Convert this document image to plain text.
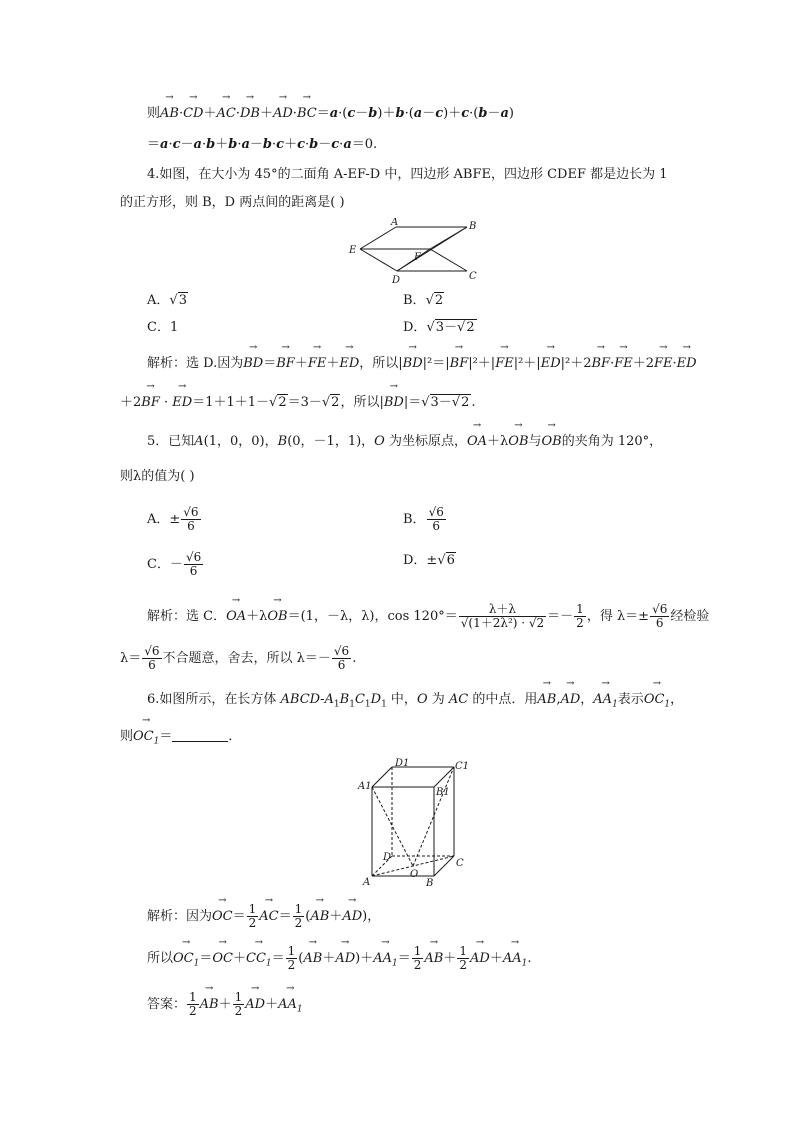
则→ AB·→ CD＋→ AC·→ DB＋→ AD·→ BC＝a·(c－b)＋b·(a－c)＋c·(b－a)
＝a·c－a·b＋b·a－b·c＋c·b－c·a＝0.
4.如图，在大小为 45°的二面角 A-EF-D 中，四边形 ABFE，四边形 CDEF 都是边长为 1
的正方形，则 B，D 两点间的距离是( )
A	B
E
F
D	C
A．√3	B．√2
C．1	D．√3－√2
解析：选 D.因为→ BD＝→ BF＋→ FE＋→ ED，所以|→ BD|²＝|→ BF|²＋|→ FE|²＋|→ ED|²＋2→ BF·→ FE＋2→ FE·→ ED
＋2→ BF · → ED＝1＋1＋1－√2＝3－√2，所以|→ BD|＝√3－√2 .
5．已知A(1，0，0)，B(0，－1，1)，O 为坐标原点，→ OA＋λ→ OB与→ OB的夹角为 120°，
则λ的值为( )
A．± $\frac{√6}{6}$	B． $\frac{√6}{6}$
C．－ $\frac{√6}{6}$	D．±√6
解析：选 C．→ OA＋λ→ OB＝(1，－λ，λ)，$\cos 120^\circ= \frac{\lambda+\lambda}{\text{√(1＋2λ²) · √2}} =- \frac{1}{2}$ ，得 $\lambda=\pm \frac{√6}{6}$ 经检验
$\lambda= \frac{√6}{6}$ 不合题意，舍去，所以 $\lambda=- \frac{√6}{6}$ .
6.如图所示，在长方体 ABCD-$A_1B_1C_1D_1$ 中，O 为 AC 的中点．用→ AB,→ AD，→ $AA_1$表示→ $OC_1$，
则→ $OC_1=$	．
D1	C1
A1
B1
D
C
A	B
O
解析：因为→ $OC= \frac{1}{2}$
→ $AC= \frac{1}{2}$ (→ AB＋→ AD)，
所以→ $OC_1=\to OC+\to CC_1= \frac{1}{2}$ (→ $AB+\to AD)+\to AA_1= \frac{1}{2}$
→ $AB+ \frac{1}{2}$
→ $AD+\to AA_1$.
答案： $\frac{1}{2}$
→ $AB+ \frac{1}{2}$
→ $AD+\to AA_1$
